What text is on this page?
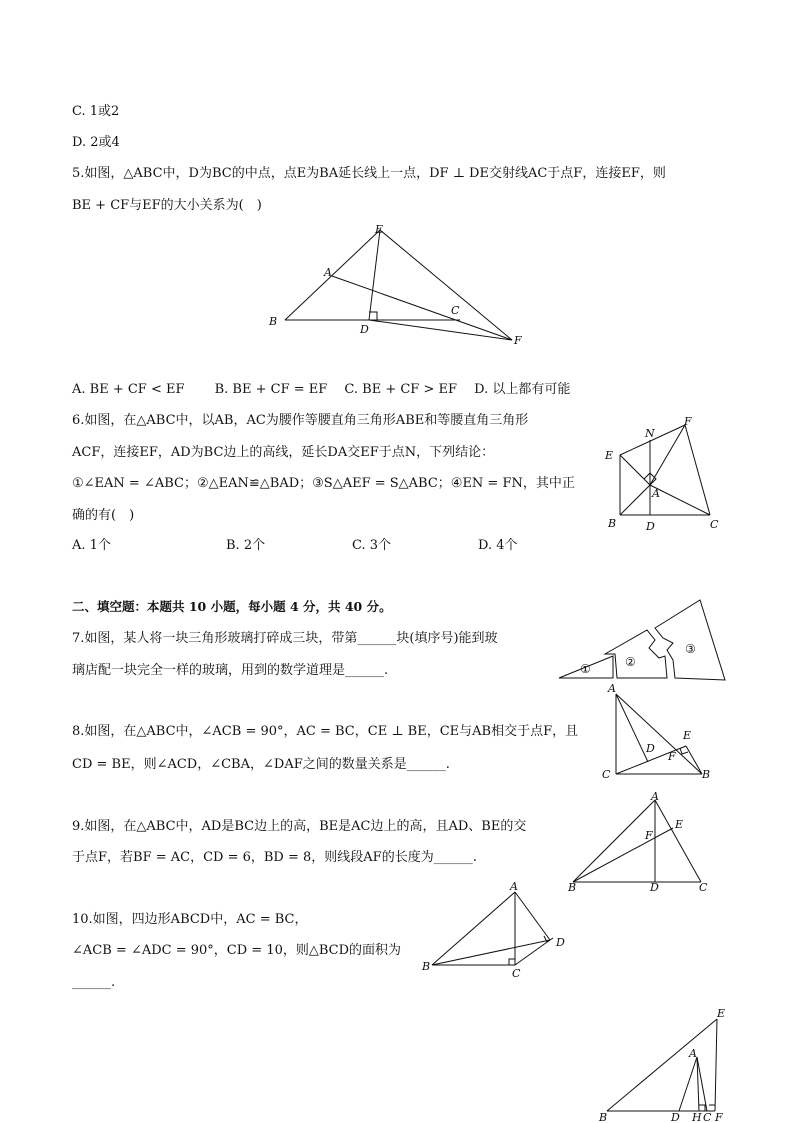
C. 1或2
D. 2或4
5.如图，△ABC中，D为BC的中点，点E为BA延长线上一点，DF ⊥ DE交射线AC于点F，连接EF，则
BE + CF与EF的大小关系为(　)
A. BE + CF < EF　　 B. BE + CF = EF　 C. BE + CF > EF　 D. 以上都有可能
6.如图，在△ABC中，以AB，AC为腰作等腰直角三角形ABE和等腰直角三角形
ACF，连接EF，AD为BC边上的高线，延长DA交EF于点N，下列结论：
①∠EAN = ∠ABC；②△EAN≌△BAD；③S△AEF = S△ABC；④EN = FN，其中正
确的有(　)
A. 1个	B. 2个	C. 3个	D. 4个
二、填空题：本题共 10 小题，每小题 4 分，共 40 分。
7.如图，某人将一块三角形玻璃打碎成三块，带第______块(填序号)能到玻
璃店配一块完全一样的玻璃，用到的数学道理是______.
8.如图，在△ABC中，∠ACB = 90°，AC = BC，CE ⊥ BE，CE与AB相交于点F，且
CD = BE，则∠ACD，∠CBA，∠DAF之间的数量关系是______.
9.如图，在△ABC中，AD是BC边上的高，BE是AC边上的高，且AD、BE的交
于点F，若BF = AC，CD = 6，BD = 8，则线段AF的长度为______.
10.如图，四边形ABCD中，AC = BC，
∠ACB = ∠ADC = 90°，CD = 10，则△BCD的面积为
______.
A
B
C
D
E
F
N
F
E
A
B	D	C
①	②
③
A
E
D
F
C	B
A
E
F
B	D	C
A
D
B
C
E
A
B	D H C F
